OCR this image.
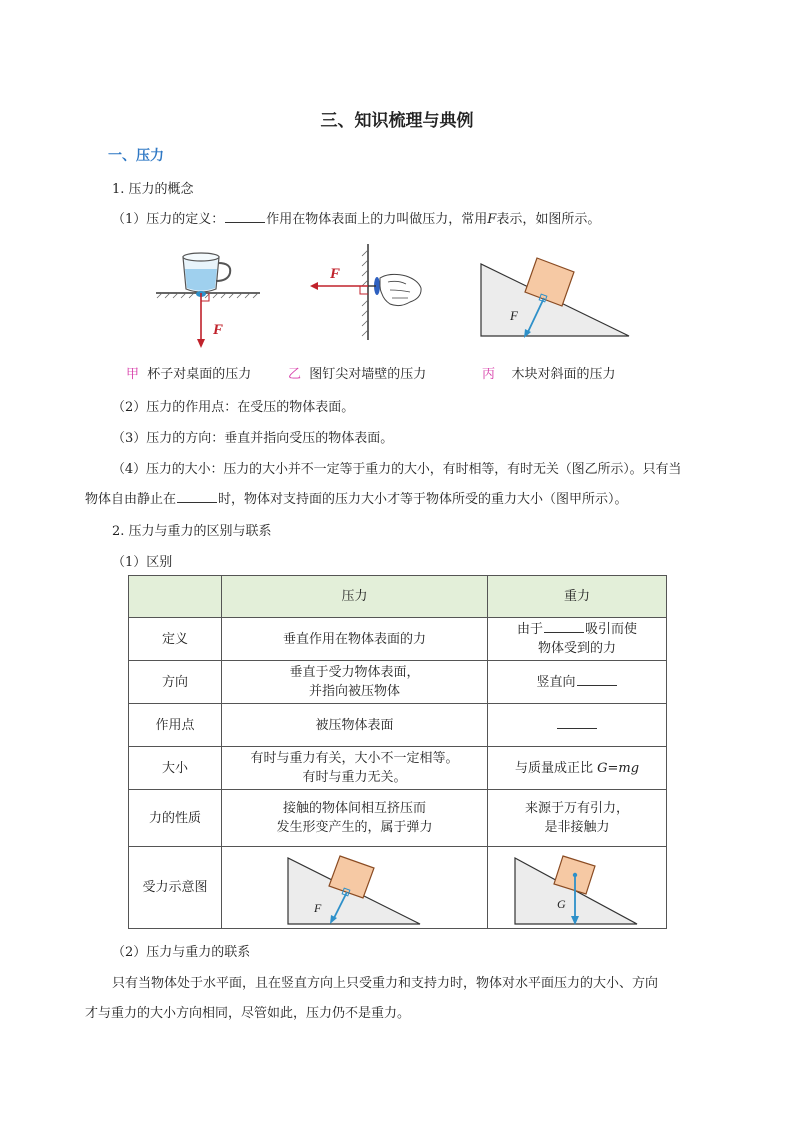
三、知识梳理与典例
一、压力
1. 压力的概念
（1）压力的定义：	作用在物体表面上的力叫做压力，常用F表示，如图所示。
F
F
F
甲 杯子对桌面的压力	乙 图钉尖对墙壁的压力	丙 木块对斜面的压力
（2）压力的作用点：在受压的物体表面。
（3）压力的方向：垂直并指向受压的物体表面。
（4）压力的大小：压力的大小并不一定等于重力的大小，有时相等，有时无关（图乙所示）。只有当
物体自由静止在	时，物体对支持面的压力大小才等于物体所受的重力大小（图甲所示）。
2. 压力与重力的区别与联系
（1）区别
	压力	重力
定义	垂直作用在物体表面的力	由于 吸引而使
物体受到的力
方向	垂直于受力物体表面，
并指向被压物体	竖直向
作用点	被压物体表面	
大小	有时与重力有关，大小不一定相等。
有时与重力无关。	与质量成正比 G=mg
力的性质	接触的物体间相互挤压而
发生形变产生的，属于弹力	来源于万有引力，
是非接触力
受力示意图	F	G
（2）压力与重力的联系
只有当物体处于水平面，且在竖直方向上只受重力和支持力时，物体对水平面压力的大小、方向
才与重力的大小方向相同，尽管如此，压力仍不是重力。
